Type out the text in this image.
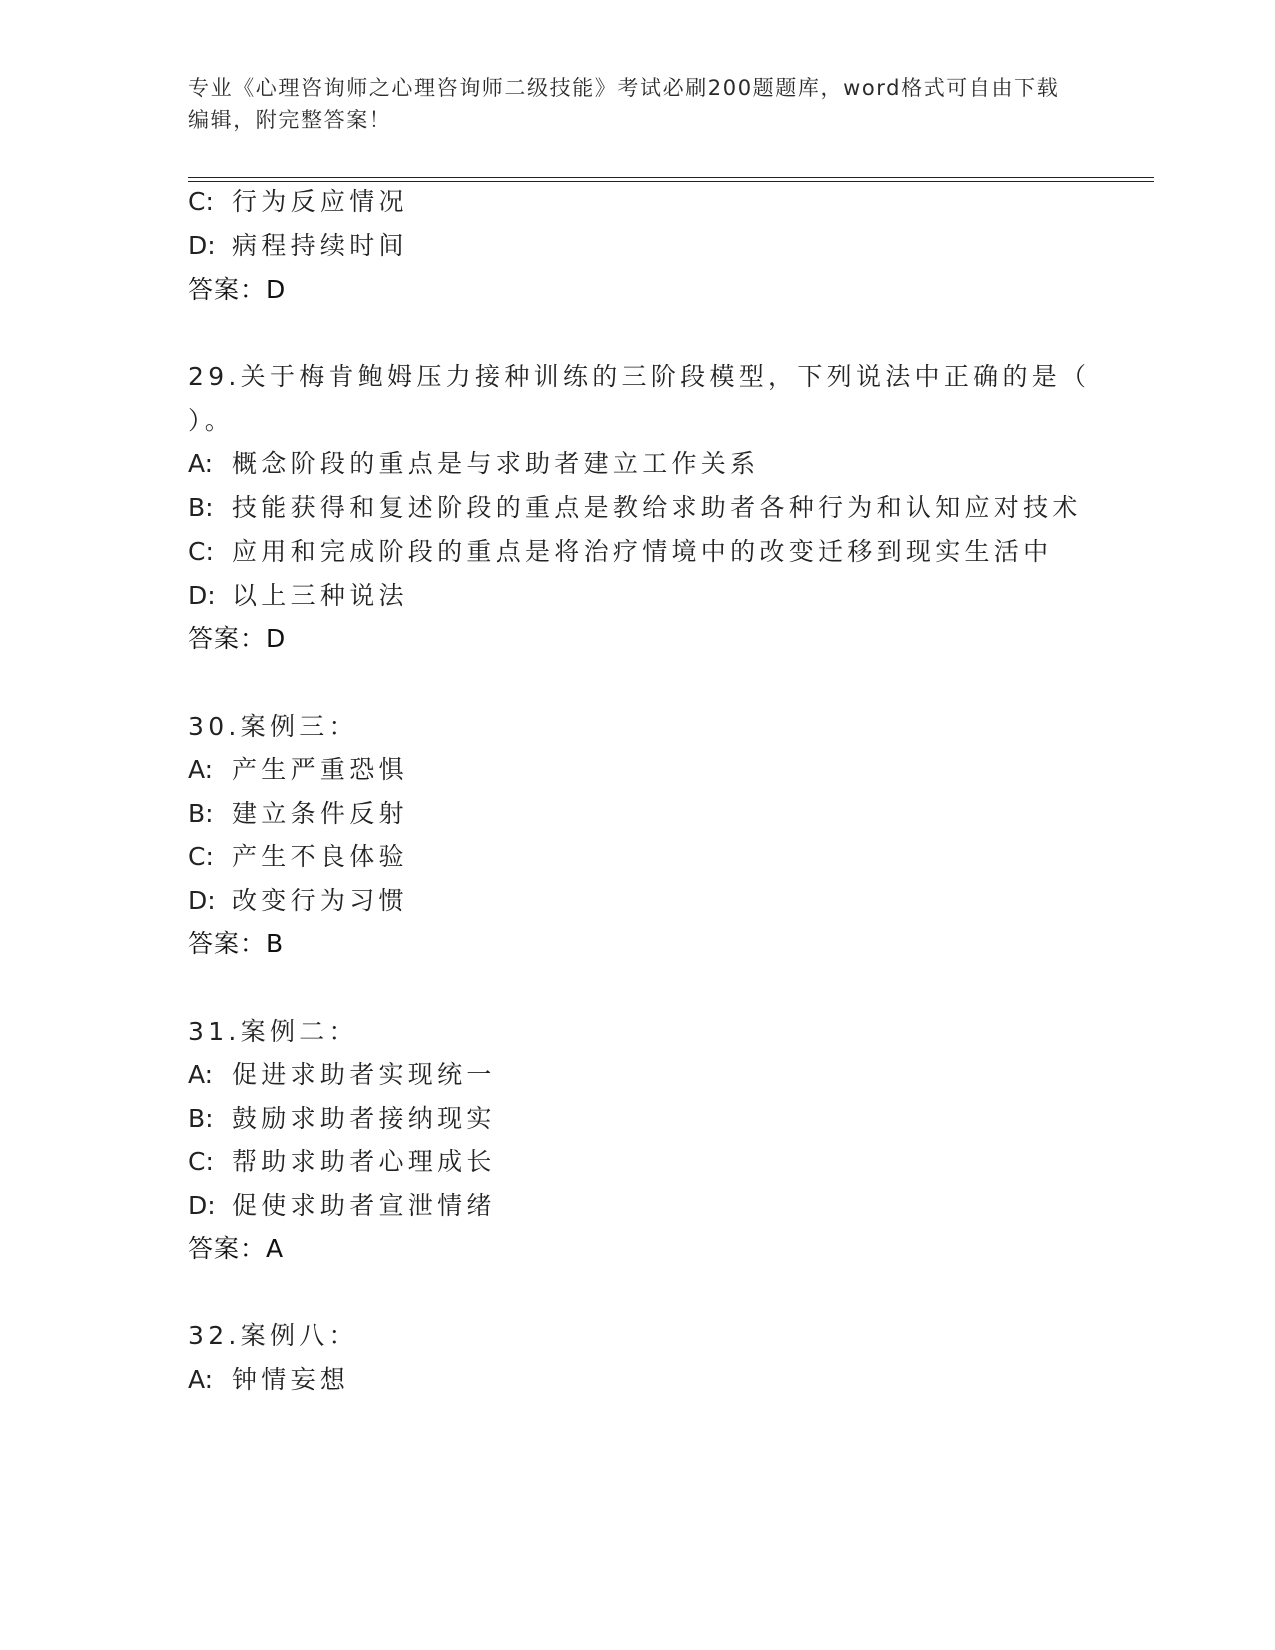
专业《心理咨询师之心理咨询师二级技能》考试必刷200题题库，word格式可自由下载编辑，附完整答案！
C: 行为反应情况
D: 病程持续时间
答案：D
29.关于梅肯鲍姆压力接种训练的三阶段模型，下列说法中正确的是（
）。
A: 概念阶段的重点是与求助者建立工作关系
B: 技能获得和复述阶段的重点是教给求助者各种行为和认知应对技术
C: 应用和完成阶段的重点是将治疗情境中的改变迁移到现实生活中
D: 以上三种说法
答案：D
30.案例三：
A: 产生严重恐惧
B: 建立条件反射
C: 产生不良体验
D: 改变行为习惯
答案：B
31.案例二：
A: 促进求助者实现统一
B: 鼓励求助者接纳现实
C: 帮助求助者心理成长
D: 促使求助者宣泄情绪
答案：A
32.案例八：
A: 钟情妄想
